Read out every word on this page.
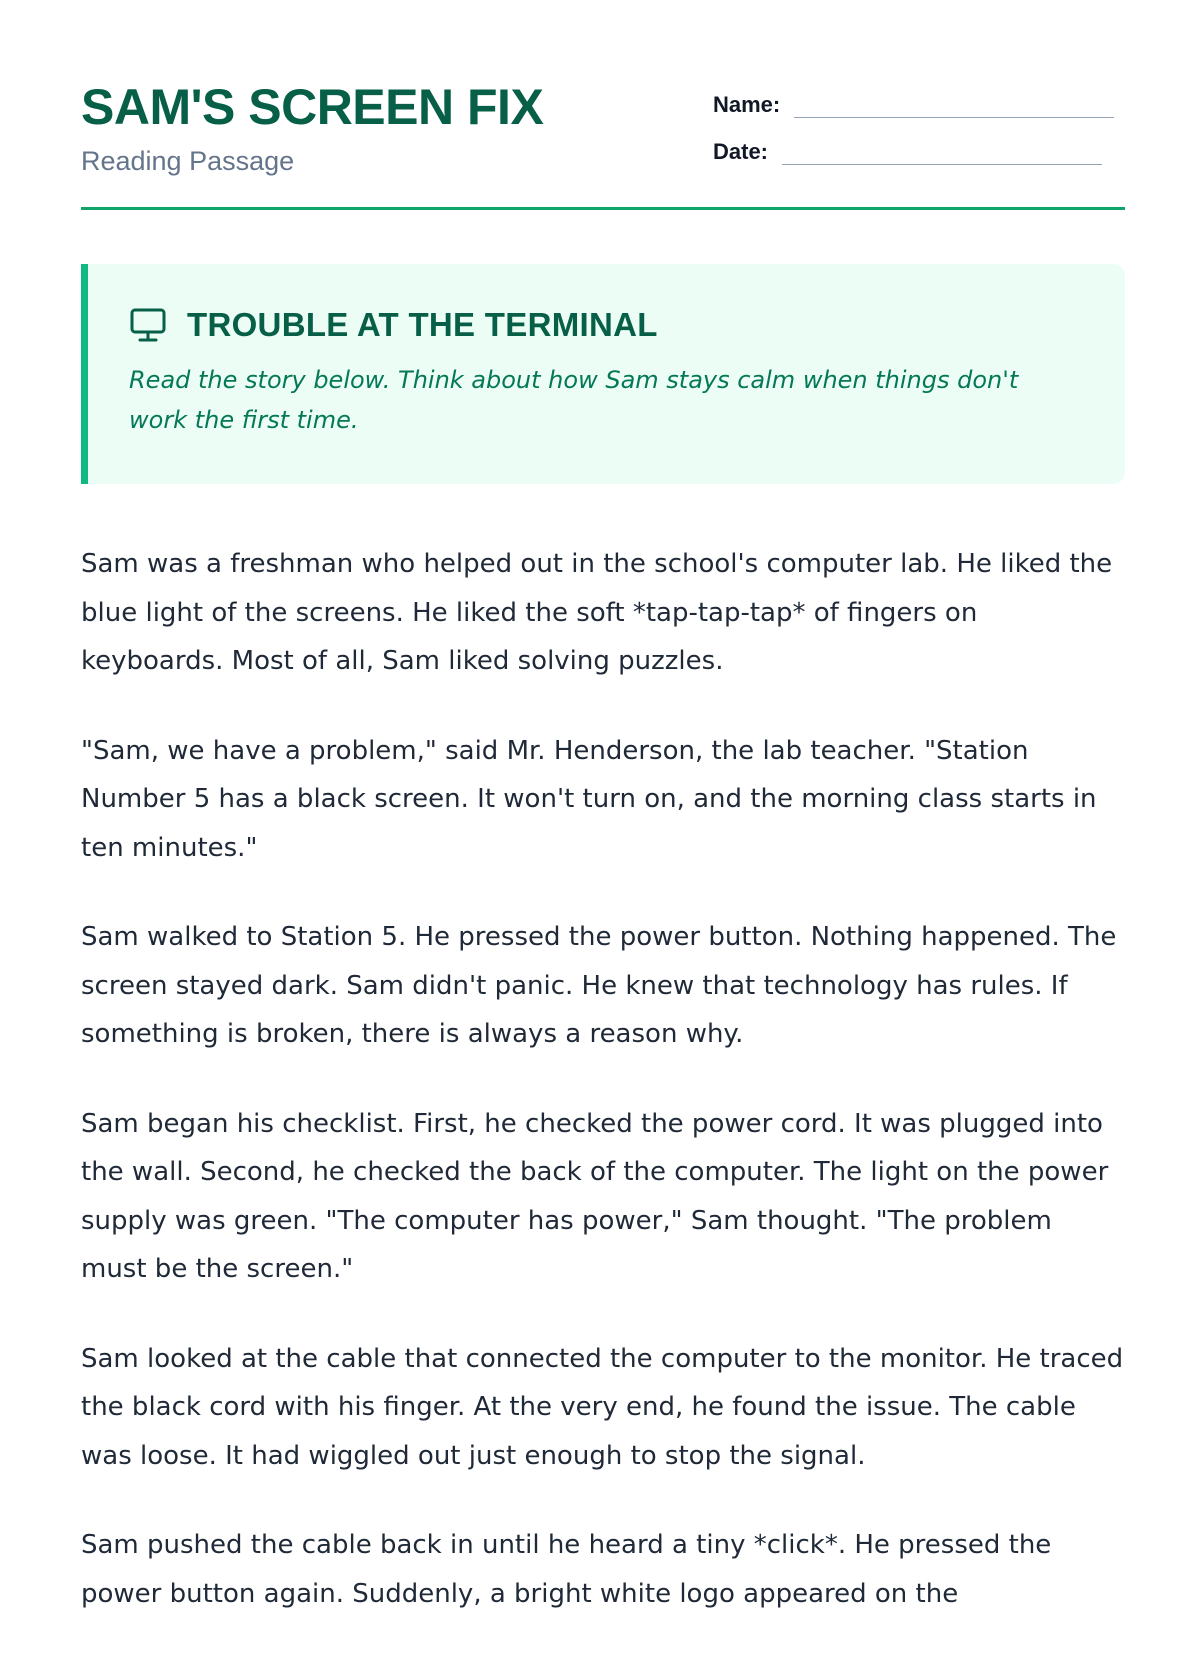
SAM'S SCREEN FIX

Reading Passage

Name:
Date:
TROUBLE AT THE TERMINAL

Read the story below. Think about how Sam stays calm when things don't work the first time.

Sam was a freshman who helped out in the school's computer lab. He liked the blue light of the screens. He liked the soft *tap-tap-tap* of fingers on keyboards. Most of all, Sam liked solving puzzles.

"Sam, we have a problem," said Mr. Henderson, the lab teacher. "Station Number 5 has a black screen. It won't turn on, and the morning class starts in ten minutes."

Sam walked to Station 5. He pressed the power button. Nothing happened. The screen stayed dark. Sam didn't panic. He knew that technology has rules. If something is broken, there is always a reason why.

Sam began his checklist. First, he checked the power cord. It was plugged into the wall. Second, he checked the back of the computer. The light on the power supply was green. "The computer has power," Sam thought. "The problem must be the screen."

Sam looked at the cable that connected the computer to the monitor. He traced the black cord with his finger. At the very end, he found the issue. The cable was loose. It had wiggled out just enough to stop the signal.

Sam pushed the cable back in until he heard a tiny *click*. He pressed the power button again. Suddenly, a bright white logo appeared on the
